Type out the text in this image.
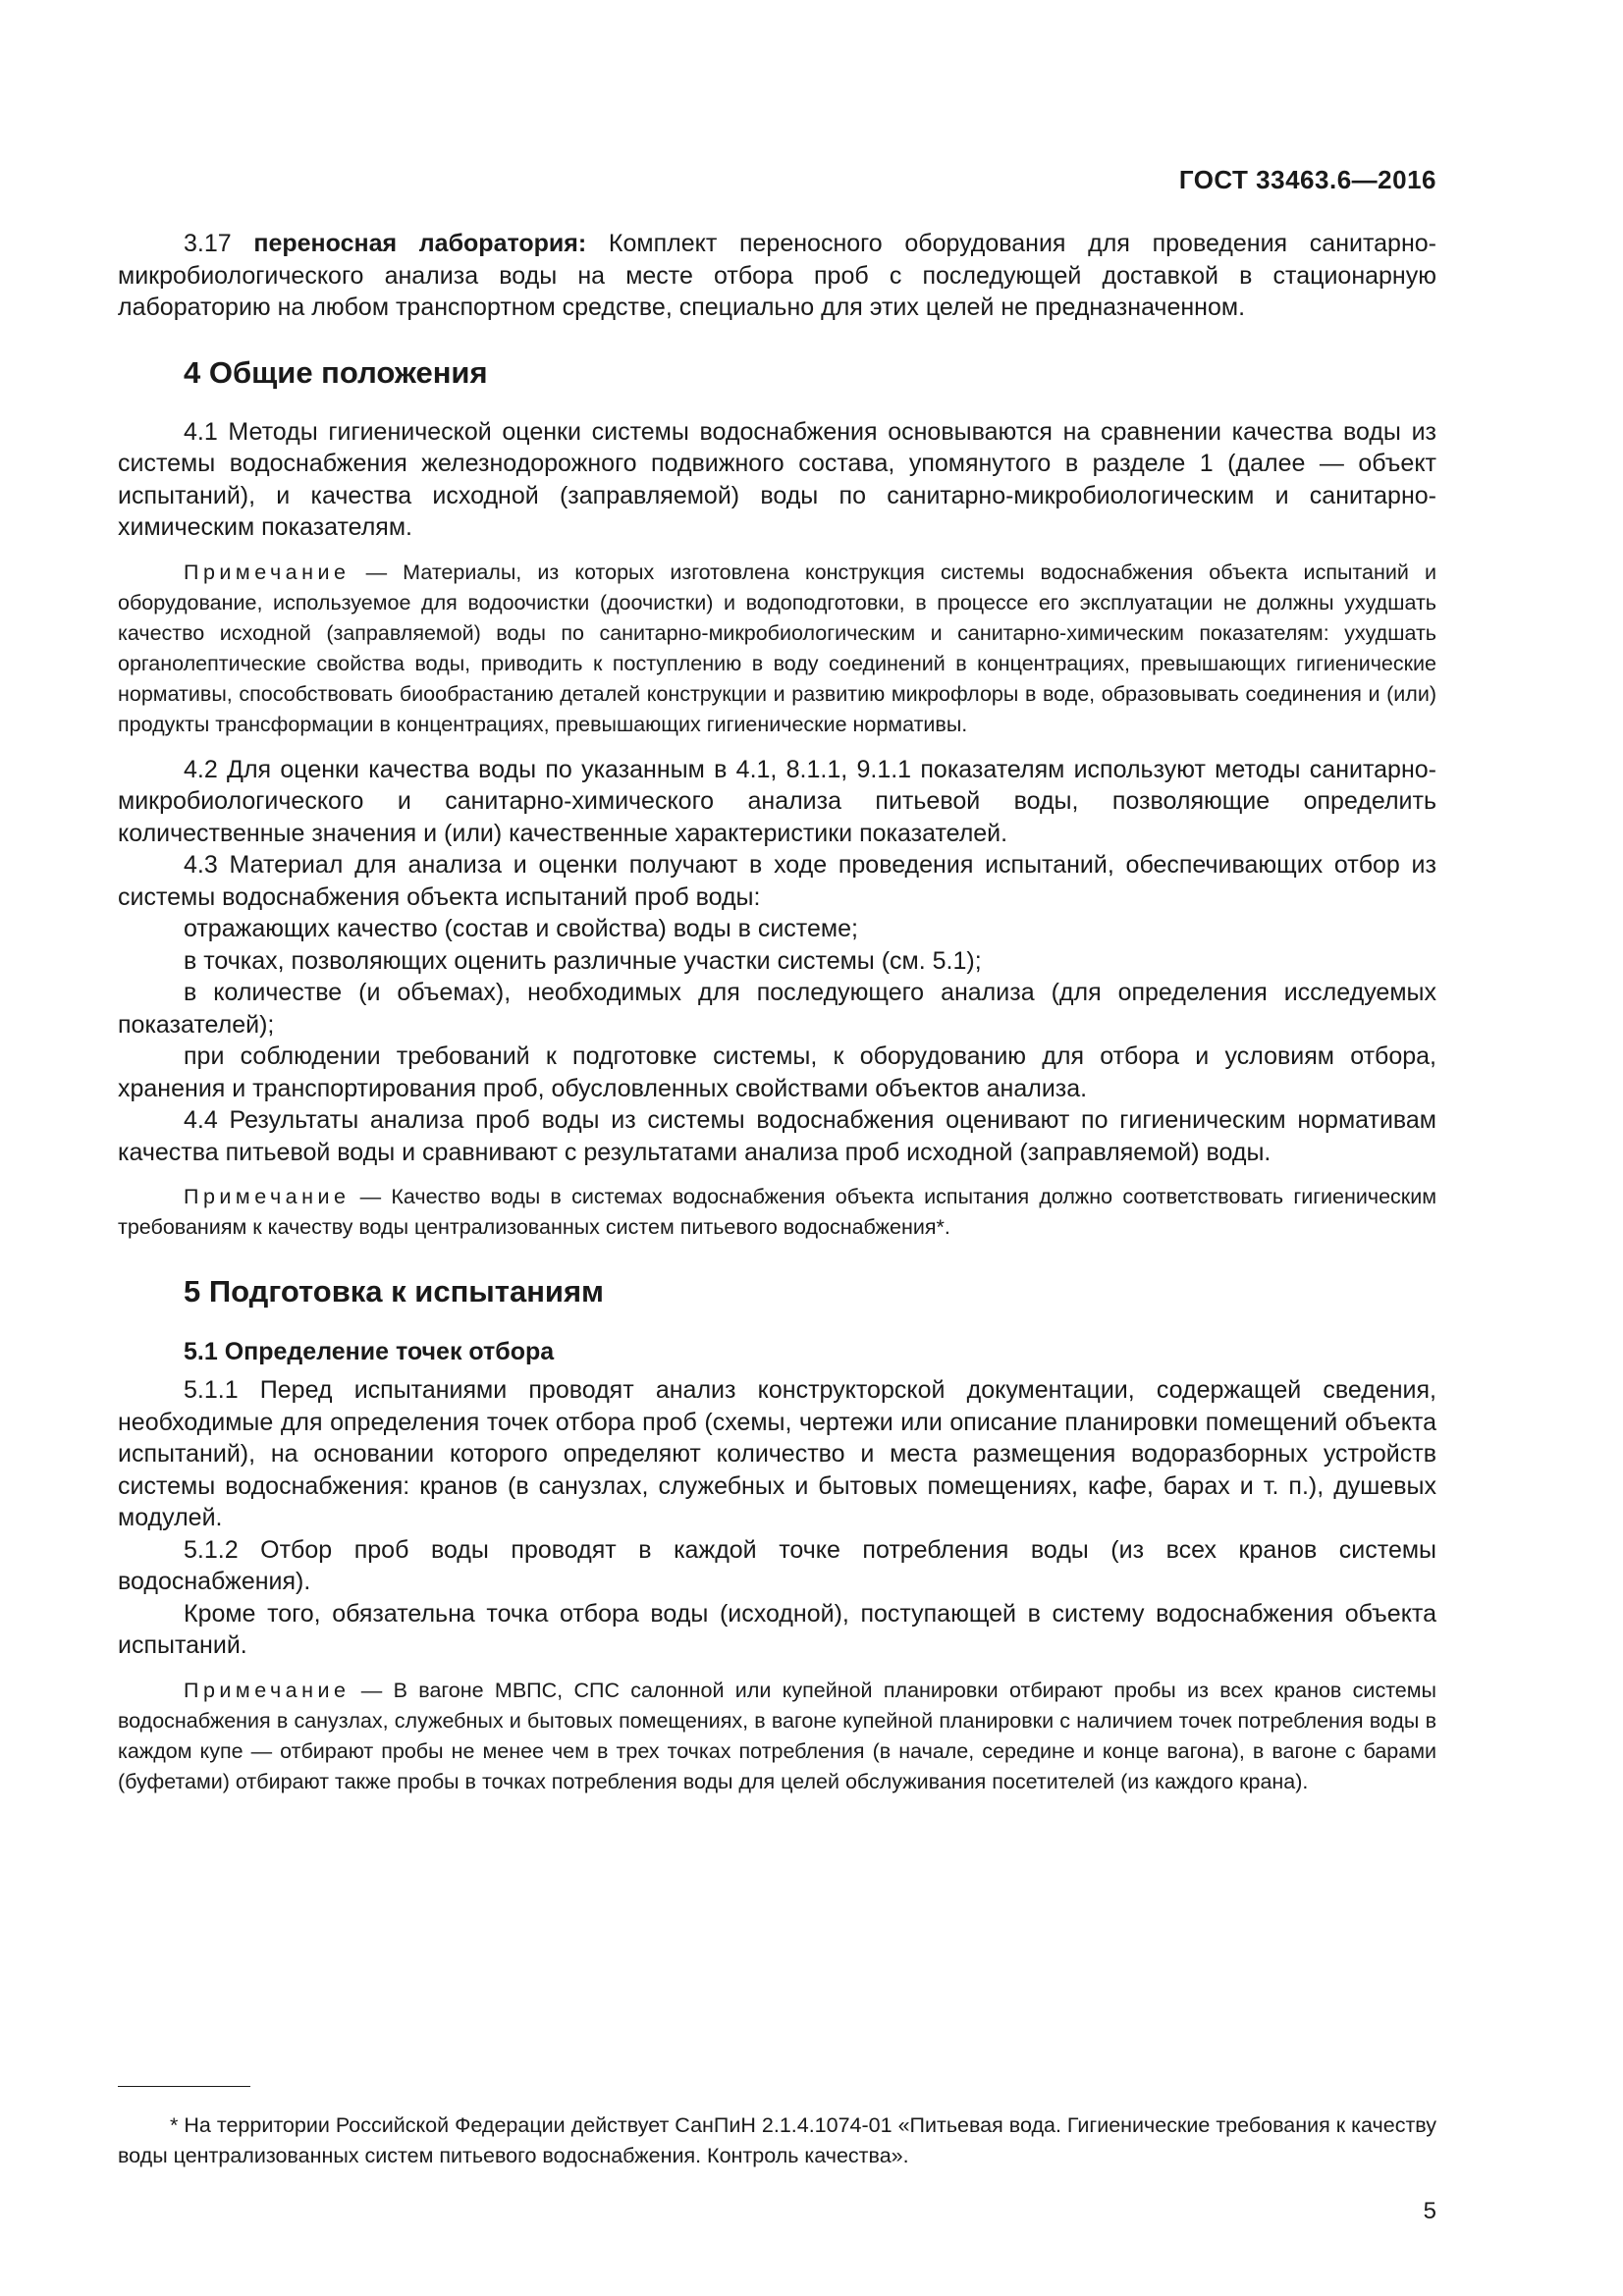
ГОСТ 33463.6—2016

3.17 переносная лаборатория: Комплект переносного оборудования для проведения санитарно-микробиологического анализа воды на месте отбора проб с последующей доставкой в стационарную лабораторию на любом транспортном средстве, специально для этих целей не предназначенном.

4 Общие положения

4.1 Методы гигиенической оценки системы водоснабжения основываются на сравнении качества воды из системы водоснабжения железнодорожного подвижного состава, упомянутого в разделе 1 (далее — объект испытаний), и качества исходной (заправляемой) воды по санитарно-микробиологическим и санитарно-химическим показателям.

Примечание — Материалы, из которых изготовлена конструкция системы водоснабжения объекта испытаний и оборудование, используемое для водоочистки (доочистки) и водоподготовки, в процессе его эксплуатации не должны ухудшать качество исходной (заправляемой) воды по санитарно-микробиологическим и санитарно-химическим показателям: ухудшать органолептические свойства воды, приводить к поступлению в воду соединений в концентрациях, превышающих гигиенические нормативы, способствовать биообрастанию деталей конструкции и развитию микрофлоры в воде, образовывать соединения и (или) продукты трансформации в концентрациях, превышающих гигиенические нормативы.

4.2 Для оценки качества воды по указанным в 4.1, 8.1.1, 9.1.1 показателям используют методы санитарно-микробиологического и санитарно-химического анализа питьевой воды, позволяющие определить количественные значения и (или) качественные характеристики показателей.

4.3 Материал для анализа и оценки получают в ходе проведения испытаний, обеспечивающих отбор из системы водоснабжения объекта испытаний проб воды:

отражающих качество (состав и свойства) воды в системе;

в точках, позволяющих оценить различные участки системы (см. 5.1);

в количестве (и объемах), необходимых для последующего анализа (для определения исследуемых показателей);

при соблюдении требований к подготовке системы, к оборудованию для отбора и условиям отбора, хранения и транспортирования проб, обусловленных свойствами объектов анализа.

4.4 Результаты анализа проб воды из системы водоснабжения оценивают по гигиеническим нормативам качества питьевой воды и сравнивают с результатами анализа проб исходной (заправляемой) воды.

Примечание — Качество воды в системах водоснабжения объекта испытания должно соответствовать гигиеническим требованиям к качеству воды централизованных систем питьевого водоснабжения*.

5 Подготовка к испытаниям
5.1 Определение точек отбора

5.1.1 Перед испытаниями проводят анализ конструкторской документации, содержащей сведения, необходимые для определения точек отбора проб (схемы, чертежи или описание планировки помещений объекта испытаний), на основании которого определяют количество и места размещения водоразборных устройств системы водоснабжения: кранов (в санузлах, служебных и бытовых помещениях, кафе, барах и т. п.), душевых модулей.

5.1.2 Отбор проб воды проводят в каждой точке потребления воды (из всех кранов системы водоснабжения).

Кроме того, обязательна точка отбора воды (исходной), поступающей в систему водоснабжения объекта испытаний.

Примечание — В вагоне МВПС, СПС салонной или купейной планировки отбирают пробы из всех кранов системы водоснабжения в санузлах, служебных и бытовых помещениях, в вагоне купейной планировки с наличием точек потребления воды в каждом купе — отбирают пробы не менее чем в трех точках потребления (в начале, середине и конце вагона), в вагоне с барами (буфетами) отбирают также пробы в точках потребления воды для целей обслуживания посетителей (из каждого крана).

* На территории Российской Федерации действует СанПиН 2.1.4.1074-01 «Питьевая вода. Гигиенические требования к качеству воды централизованных систем питьевого водоснабжения. Контроль качества».

5
